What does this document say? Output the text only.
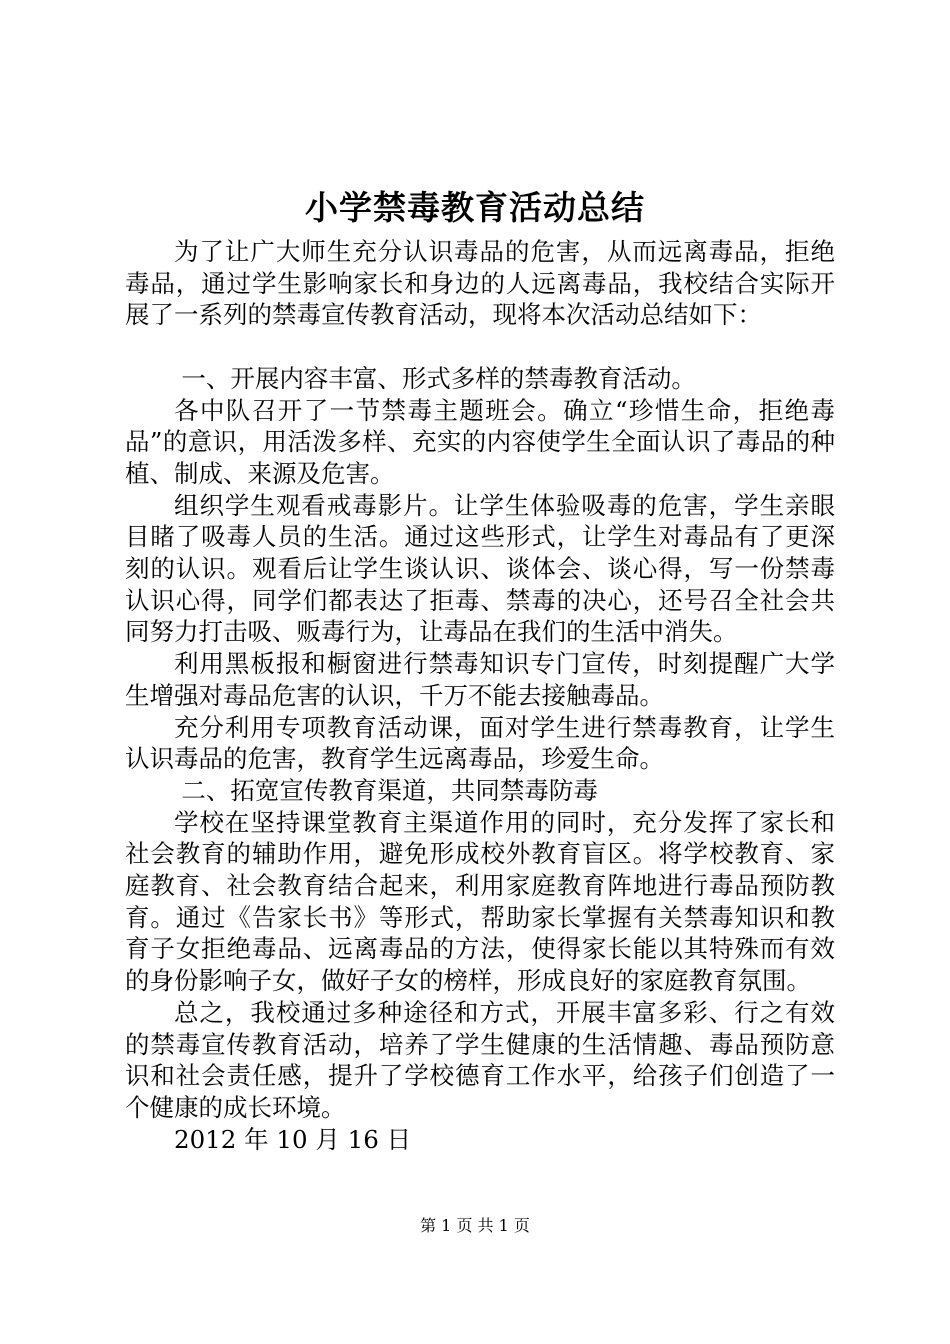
小学禁毒教育活动总结

为了让广大师生充分认识毒品的危害，从而远离毒品，拒绝毒品，通过学生影响家长和身边的人远离毒品，我校结合实际开展了一系列的禁毒宣传教育活动，现将本次活动总结如下：

一、开展内容丰富、形式多样的禁毒教育活动。

各中队召开了一节禁毒主题班会。确立“珍惜生命，拒绝毒品”的意识，用活泼多样、充实的内容使学生全面认识了毒品的种植、制成、来源及危害。

组织学生观看戒毒影片。让学生体验吸毒的危害，学生亲眼目睹了吸毒人员的生活。通过这些形式，让学生对毒品有了更深刻的认识。观看后让学生谈认识、谈体会、谈心得，写一份禁毒认识心得，同学们都表达了拒毒、禁毒的决心，还号召全社会共同努力打击吸、贩毒行为，让毒品在我们的生活中消失。

利用黑板报和橱窗进行禁毒知识专门宣传，时刻提醒广大学生增强对毒品危害的认识，千万不能去接触毒品。

充分利用专项教育活动课，面对学生进行禁毒教育，让学生认识毒品的危害，教育学生远离毒品，珍爱生命。

二、拓宽宣传教育渠道，共同禁毒防毒

学校在坚持课堂教育主渠道作用的同时，充分发挥了家长和社会教育的辅助作用，避免形成校外教育盲区。将学校教育、家庭教育、社会教育结合起来，利用家庭教育阵地进行毒品预防教育。通过《告家长书》等形式，帮助家长掌握有关禁毒知识和教育子女拒绝毒品、远离毒品的方法，使得家长能以其特殊而有效的身份影响子女，做好子女的榜样，形成良好的家庭教育氛围。

总之，我校通过多种途径和方式，开展丰富多彩、行之有效的禁毒宣传教育活动，培养了学生健康的生活情趣、毒品预防意识和社会责任感，提升了学校德育工作水平，给孩子们创造了一个健康的成长环境。

2012 年 10 月 16 日

第 1 页 共 1 页
